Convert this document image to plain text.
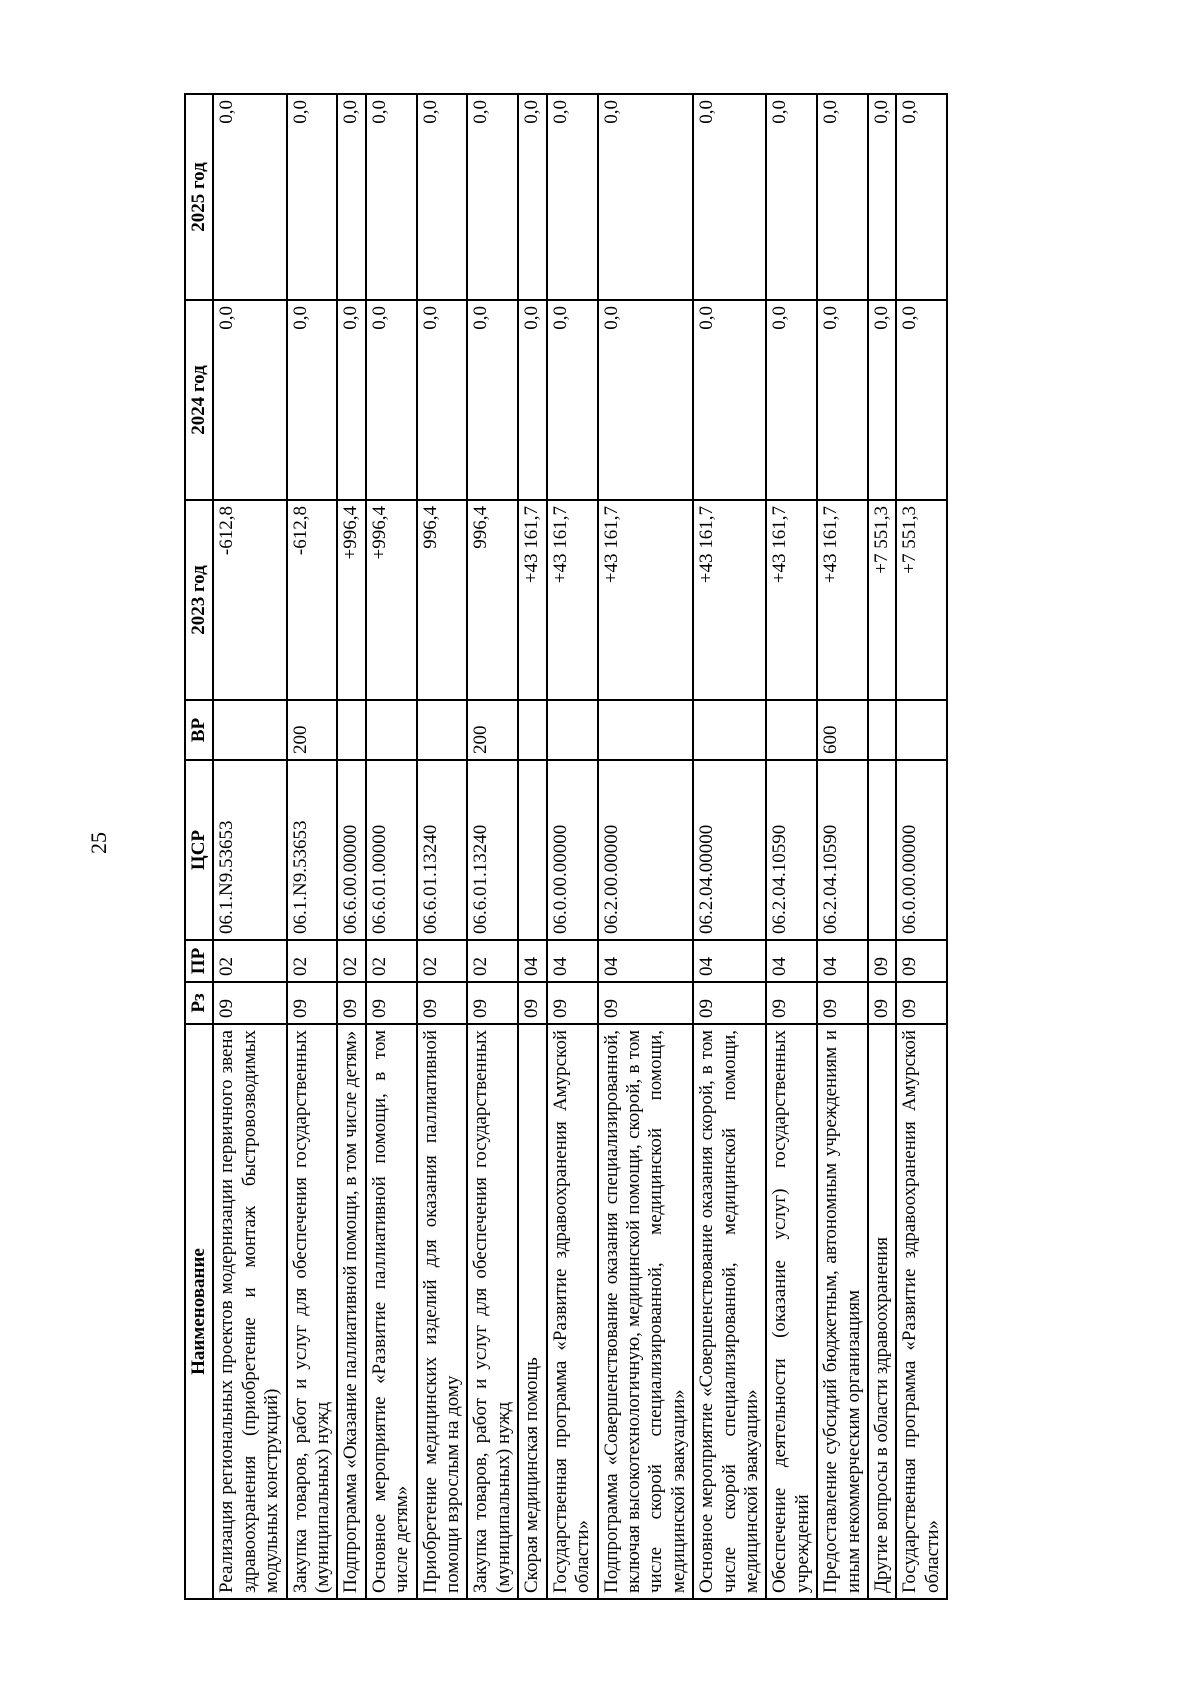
25
Наименование	Рз	ПР	ЦСР	ВР	2023 год	2024 год	2025 год
Реализация региональных проектов модернизации первичного звена здравоохранения (приобретение и монтаж быстровозводимых модульных конструкций)	09	02	06.1.N9.53653		-612,8	0,0	0,0
Закупка товаров, работ и услуг для обеспечения государственных (муниципальных) нужд	09	02	06.1.N9.53653	200	-612,8	0,0	0,0
Подпрограмма «Оказание паллиативной помощи, в том числе детям»	09	02	06.6.00.00000		+996,4	0,0	0,0
Основное мероприятие «Развитие паллиативной помощи, в том числе детям»	09	02	06.6.01.00000		+996,4	0,0	0,0
Приобретение медицинских изделий для оказания паллиативной помощи взрослым на дому	09	02	06.6.01.13240		996,4	0,0	0,0
Закупка товаров, работ и услуг для обеспечения государственных (муниципальных) нужд	09	02	06.6.01.13240	200	996,4	0,0	0,0
Скорая медицинская помощь	09	04			+43 161,7	0,0	0,0
Государственная программа «Развитие здравоохранения Амурской области»	09	04	06.0.00.00000		+43 161,7	0,0	0,0
Подпрограмма «Совершенствование оказания специализированной, включая высокотехнологичную, медицинской помощи, скорой, в том числе скорой специализированной, медицинской помощи, медицинской эвакуации»	09	04	06.2.00.00000		+43 161,7	0,0	0,0
Основное мероприятие «Совершенствование оказания скорой, в том числе скорой специализированной, медицинской помощи, медицинской эвакуации»	09	04	06.2.04.00000		+43 161,7	0,0	0,0
Обеспечение деятельности (оказание услуг) государственных учреждений	09	04	06.2.04.10590		+43 161,7	0,0	0,0
Предоставление субсидий бюджетным, автономным учреждениям и иным некоммерческим организациям	09	04	06.2.04.10590	600	+43 161,7	0,0	0,0
Другие вопросы в области здравоохранения	09	09			+7 551,3	0,0	0,0
Государственная программа «Развитие здравоохранения Амурской области»	09	09	06.0.00.00000		+7 551,3	0,0	0,0
